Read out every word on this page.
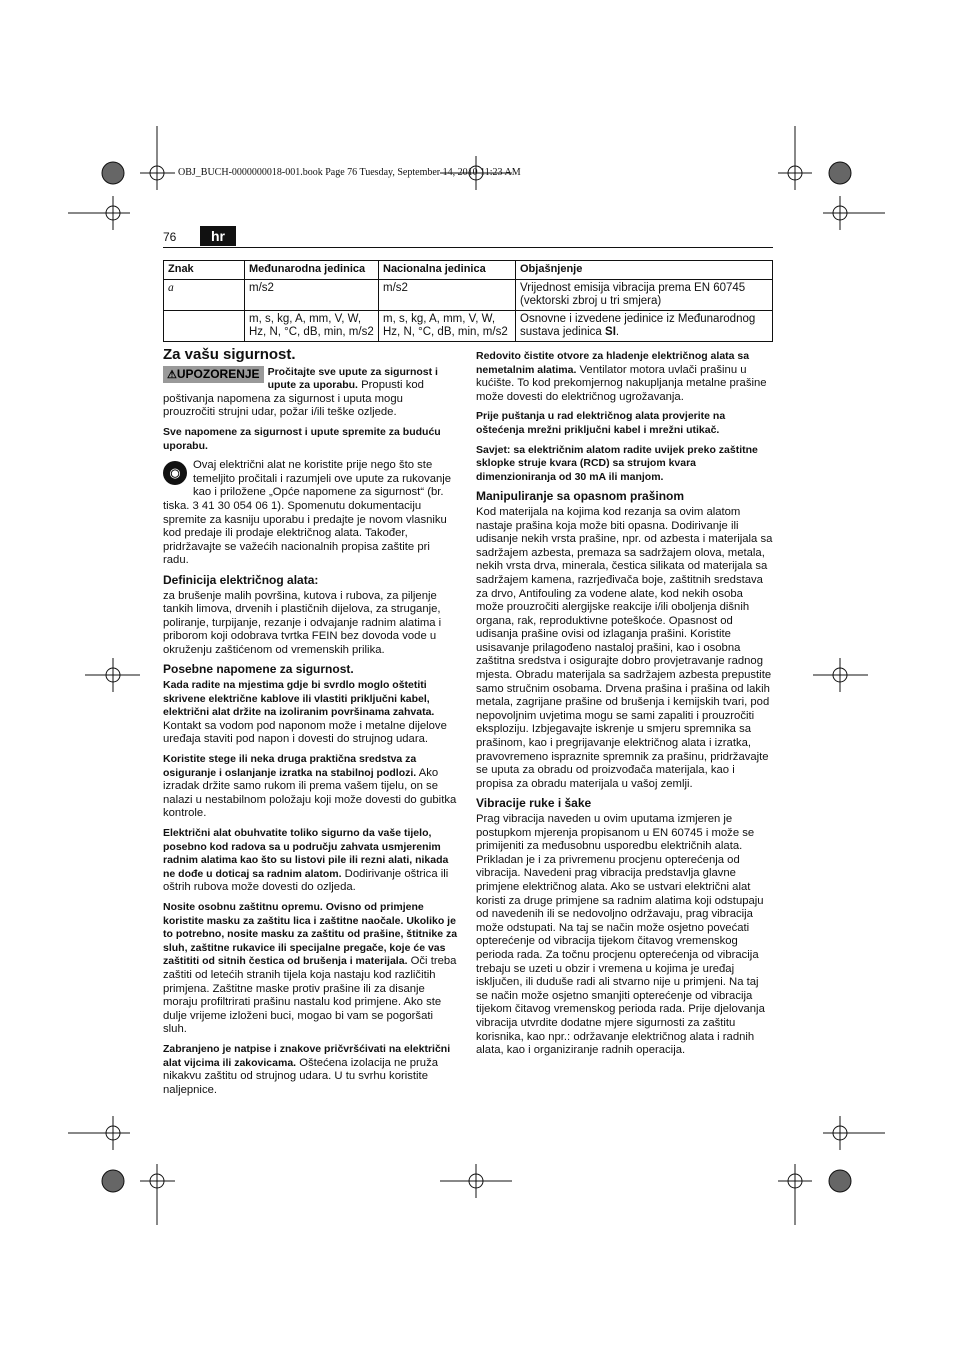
OBJ_BUCH-0000000018-001.book Page 76 Tuesday, September 14, 2010 11:23 AM
76	hr
Znak	Međunarodna jedinica	Nacionalna jedinica	Objašnjenje
a	m/s2	m/s2	Vrijednost emisija vibracija prema EN 60745 (vektorski zbroj u tri smjera)
	m, s, kg, A, mm, V, W, Hz, N, °C, dB, min, m/s2	m, s, kg, A, mm, V, W, Hz, N, °C, dB, min, m/s2	Osnovne i izvedene jedinice iz Međunarodnog sustava jedinica SI.
Za vašu sigurnost.

⚠UPOZORENJE Pročitajte sve upute za sigurnost i upute za uporabu. Propusti kod poštivanja napomena za sigurnost i uputa mogu prouzročiti strujni udar, požar i/ili teške ozljede.

Sve napomene za sigurnost i upute spremite za buduću uporabu.

◉	Ovaj električni alat ne koristite prije nego što ste temeljito pročitali i razumjeli ove upute za rukovanje kao i priložene „Opće napomene za sigurnost“ (br. tiska. 3 41 30 054 06 1). Spomenutu dokumentaciju spremite za kasniju uporabu i predajte je novom vlasniku kod predaje ili prodaje električnog alata. Također, pridržavajte se važećih nacionalnih propisa zaštite pri radu.

Definicija električnog alata:

za brušenje malih površina, kutova i rubova, za piljenje tankih limova, drvenih i plastičnih dijelova, za struganje, poliranje, turpijanje, rezanje i odvajanje radnim alatima i priborom koji odobrava tvrtka FEIN bez dovoda vode u okruženju zaštićenom od vremenskih prilika.

Posebne napomene za sigurnost.

Kada radite na mjestima gdje bi svrdlo moglo oštetiti skrivene električne kablove ili vlastiti priključni kabel, električni alat držite na izoliranim površinama zahvata. Kontakt sa vodom pod naponom može i metalne dijelove uređaja staviti pod napon i dovesti do strujnog udara.

Koristite stege ili neka druga praktična sredstva za osiguranje i oslanjanje izratka na stabilnoj podlozi. Ako izradak držite samo rukom ili prema vašem tijelu, on se nalazi u nestabilnom položaju koji može dovesti do gubitka kontrole.

Električni alat obuhvatite toliko sigurno da vaše tijelo, posebno kod radova sa u području zahvata usmjerenim radnim alatima kao što su listovi pile ili rezni alati, nikada ne dođe u doticaj sa radnim alatom. Dodirivanje oštrica ili oštrih rubova može dovesti do ozljeda.

Nosite osobnu zaštitnu opremu. Ovisno od primjene koristite masku za zaštitu lica i zaštitne naočale. Ukoliko je to potrebno, nosite masku za zaštitu od prašine, štitnike za sluh, zaštitne rukavice ili specijalne pregače, koje će vas zaštititi od sitnih čestica od brušenja i materijala. Oči treba zaštiti od letećih stranih tijela koja nastaju kod različitih primjena. Zaštitne maske protiv prašine ili za disanje moraju profiltrirati prašinu nastalu kod primjene. Ako ste dulje vrijeme izloženi buci, mogao bi vam se pogoršati sluh.

Zabranjeno je natpise i znakove pričvršćivati na električni alat vijcima ili zakovicama. Oštećena izolacija ne pruža nikakvu zaštitu od strujnog udara. U tu svrhu koristite naljepnice.

Redovito čistite otvore za hladenje električnog alata sa nemetalnim alatima. Ventilator motora uvlači prašinu u kućište. To kod prekomjernog nakupljanja metalne prašine može dovesti do električnog ugrožavanja.

Prije puštanja u rad električnog alata provjerite na oštećenja mrežni priključni kabel i mrežni utikač.

Savjet: sa električnim alatom radite uvijek preko zaštitne sklopke struje kvara (RCD) sa strujom kvara dimenzioniranja od 30 mA ili manjom.

Manipuliranje sa opasnom prašinom

Kod materijala na kojima kod rezanja sa ovim alatom nastaje prašina koja može biti opasna. Dodirivanje ili udisanje nekih vrsta prašine, npr. od azbesta i materijala sa sadržajem azbesta, premaza sa sadržajem olova, metala, nekih vrsta drva, minerala, čestica silikata od materijala sa sadržajem kamena, razrjeđivača boje, zaštitnih sredstava za drvo, Antifouling za vodene alate, kod nekih osoba može prouzročiti alergijske reakcije i/ili oboljenja dišnih organa, rak, reproduktivne poteškoće. Opasnost od udisanja prašine ovisi od izlaganja prašini. Koristite usisavanje prilagođeno nastaloj prašini, kao i osobna zaštitna sredstva i osigurajte dobro provjetravanje radnog mjesta. Obradu materijala sa sadržajem azbesta prepustite samo stručnim osobama. Drvena prašina i prašina od lakih metala, zagrijane prašine od brušenja i kemijskih tvari, pod nepovoljnim uvjetima mogu se sami zapaliti i prouzročiti eksploziju. Izbjegavajte iskrenje u smjeru spremnika sa prašinom, kao i pregrijavanje električnog alata i izratka, pravovremeno ispraznite spremnik za prašinu, pridržavajte se uputa za obradu od proizvođača materijala, kao i propisa za obradu materijala u vašoj zemlji.

Vibracije ruke i šake

Prag vibracija naveden u ovim uputama izmjeren je postupkom mjerenja propisanom u EN 60745 i može se primijeniti za međusobnu usporedbu električnih alata. Prikladan je i za privremenu procjenu opterećenja od vibracija. Navedeni prag vibracija predstavlja glavne primjene električnog alata. Ako se ustvari električni alat koristi za druge primjene sa radnim alatima koji odstupaju od navedenih ili se nedovoljno održavaju, prag vibracija može odstupati. Na taj se način može osjetno povećati opterećenje od vibracija tijekom čitavog vremenskog perioda rada. Za točnu procjenu opterećenja od vibracija trebaju se uzeti u obzir i vremena u kojima je uređaj isključen, ili duduše radi ali stvarno nije u primjeni. Na taj se način može osjetno smanjiti opterećenje od vibracija tijekom čitavog vremenskog perioda rada. Prije djelovanja vibracija utvrdite dodatne mjere sigurnosti za zaštitu korisnika, kao npr.: održavanje električnog alata i radnih alata, kao i organiziranje radnih operacija.
